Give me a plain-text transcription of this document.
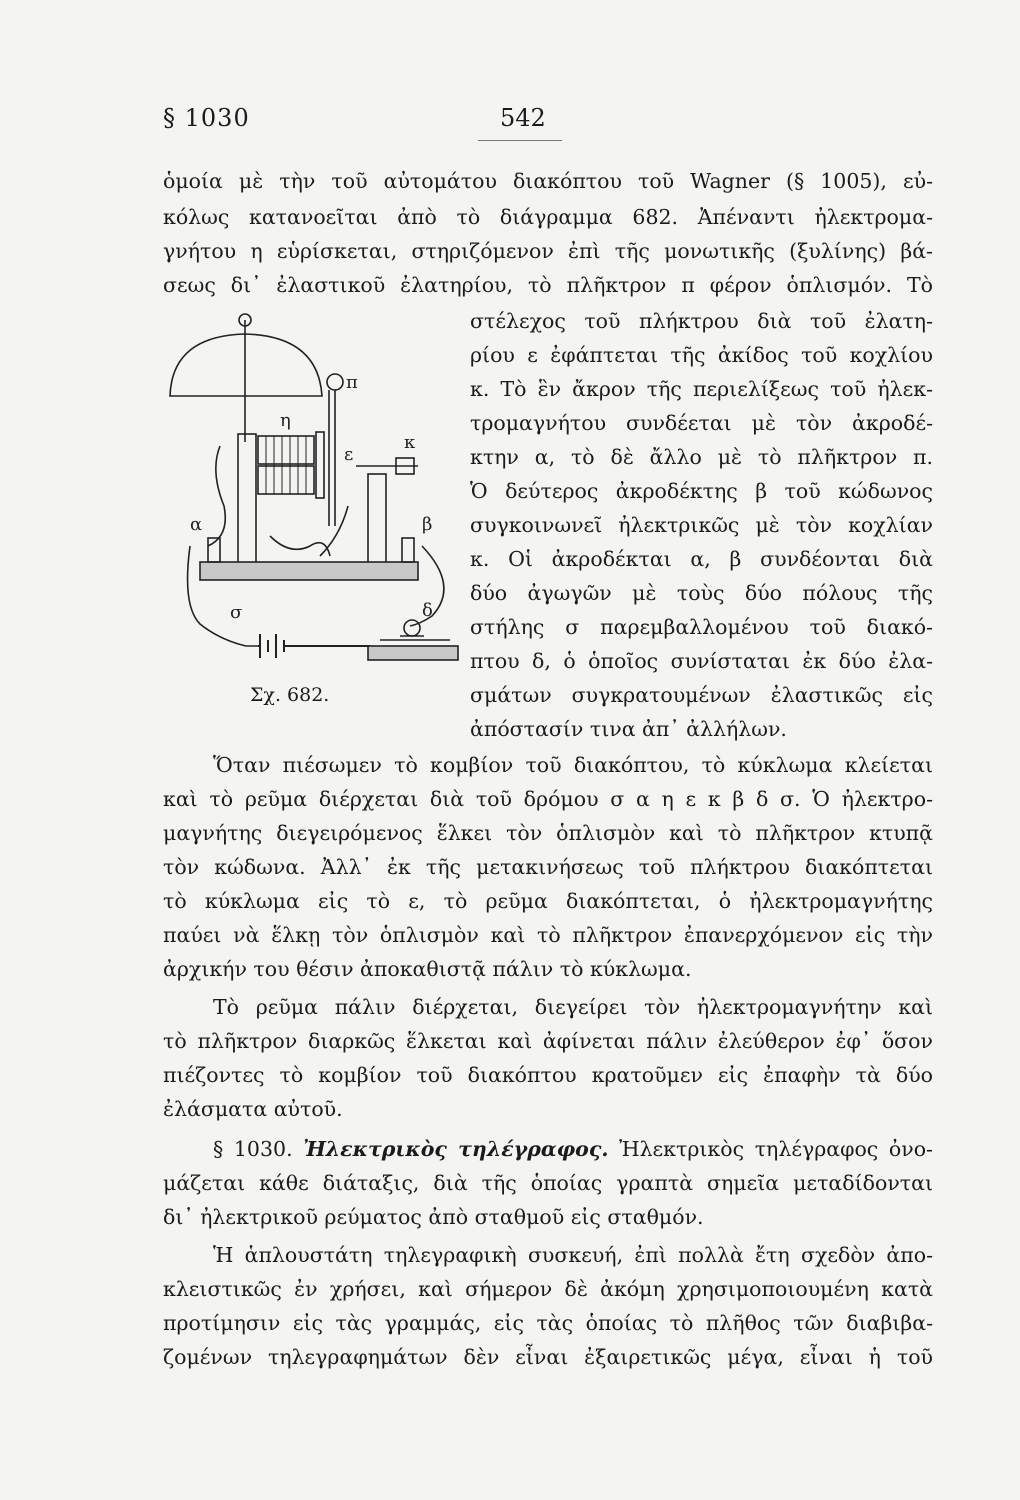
§ 1030	542
ὁμοία μὲ τὴν τοῦ αὐτομάτου διακόπτου τοῦ Wagner (§ 1005), εὐ-
κόλως κατανοεῖται ἀπὸ τὸ διάγραμμα 682. Ἀπέναντι ἠλεκτρομα-
γνήτου η εὑρίσκεται, στηριζόμενον ἐπὶ τῆς μονωτικῆς (ξυλίνης) βά-
σεως δι᾿ ἐλαστικοῦ ἐλατηρίου, τὸ πλῆκτρον π φέρον ὁπλισμόν. Τὸ
στέλεχος τοῦ πλήκτρου διὰ τοῦ ἐλατη-
ρίου ε ἐφάπτεται τῆς ἀκίδος τοῦ κοχλίου
κ. Τὸ ἓν ἄκρον τῆς περιελίξεως τοῦ ἠλεκ-
τρομαγνήτου συνδέεται μὲ τὸν ἀκροδέ-
κτην α, τὸ δὲ ἄλλο μὲ τὸ πλῆκτρον π.
Ὁ δεύτερος ἀκροδέκτης β τοῦ κώδωνος
συγκοινωνεῖ ἠλεκτρικῶς μὲ τὸν κοχλίαν
κ. Οἱ ἀκροδέκται α, β συνδέονται διὰ
δύο ἀγωγῶν μὲ τοὺς δύο πόλους τῆς
στήλης σ παρεμβαλλομένου τοῦ διακό-
πτου δ, ὁ ὁποῖος συνίσταται ἐκ δύο ἐλα-
σμάτων συγκρατουμένων ἐλαστικῶς εἰς
ἀπόστασίν τινα ἀπ᾿ ἀλλήλων.
π
η
ε
κ
α	β
σ	δ
Σχ. 682.
Ὅταν πιέσωμεν τὸ κομβίον τοῦ διακόπτου, τὸ κύκλωμα κλείεται
καὶ τὸ ρεῦμα διέρχεται διὰ τοῦ δρόμου σ α η ε κ β δ σ. Ὁ ἠλεκτρο-
μαγνήτης διεγειρόμενος ἕλκει τὸν ὁπλισμὸν καὶ τὸ πλῆκτρον κτυπᾷ
τὸν κώδωνα. Ἀλλ᾿ ἐκ τῆς μετακινήσεως τοῦ πλήκτρου διακόπτεται
τὸ κύκλωμα εἰς τὸ ε, τὸ ρεῦμα διακόπτεται, ὁ ἠλεκτρομαγνήτης
παύει νὰ ἕλκῃ τὸν ὁπλισμὸν καὶ τὸ πλῆκτρον ἐπανερχόμενον εἰς τὴν
ἀρχικήν του θέσιν ἀποκαθιστᾷ πάλιν τὸ κύκλωμα.
Τὸ ρεῦμα πάλιν διέρχεται, διεγείρει τὸν ἠλεκτρομαγνήτην καὶ
τὸ πλῆκτρον διαρκῶς ἕλκεται καὶ ἀφίνεται πάλιν ἐλεύθερον ἐφ᾿ ὅσον
πιέζοντες τὸ κομβίον τοῦ διακόπτου κρατοῦμεν εἰς ἐπαφὴν τὰ δύο
ἐλάσματα αὐτοῦ.
§ 1030. Ἠλεκτρικὸς τηλέγραφος. Ἠλεκτρικὸς τηλέγραφος ὀνο-
μάζεται κάθε διάταξις, διὰ τῆς ὁποίας γραπτὰ σημεῖα μεταδίδονται
δι᾿ ἠλεκτρικοῦ ρεύματος ἀπὸ σταθμοῦ εἰς σταθμόν.
Ἡ ἁπλουστάτη τηλεγραφικὴ συσκευή, ἐπὶ πολλὰ ἔτη σχεδὸν ἀπο-
κλειστικῶς ἐν χρήσει, καὶ σήμερον δὲ ἀκόμη χρησιμοποιουμένη κατὰ
προτίμησιν εἰς τὰς γραμμάς, εἰς τὰς ὁποίας τὸ πλῆθος τῶν διαβιβα-
ζομένων τηλεγραφημάτων δὲν εἶναι ἐξαιρετικῶς μέγα, εἶναι ἡ τοῦ
